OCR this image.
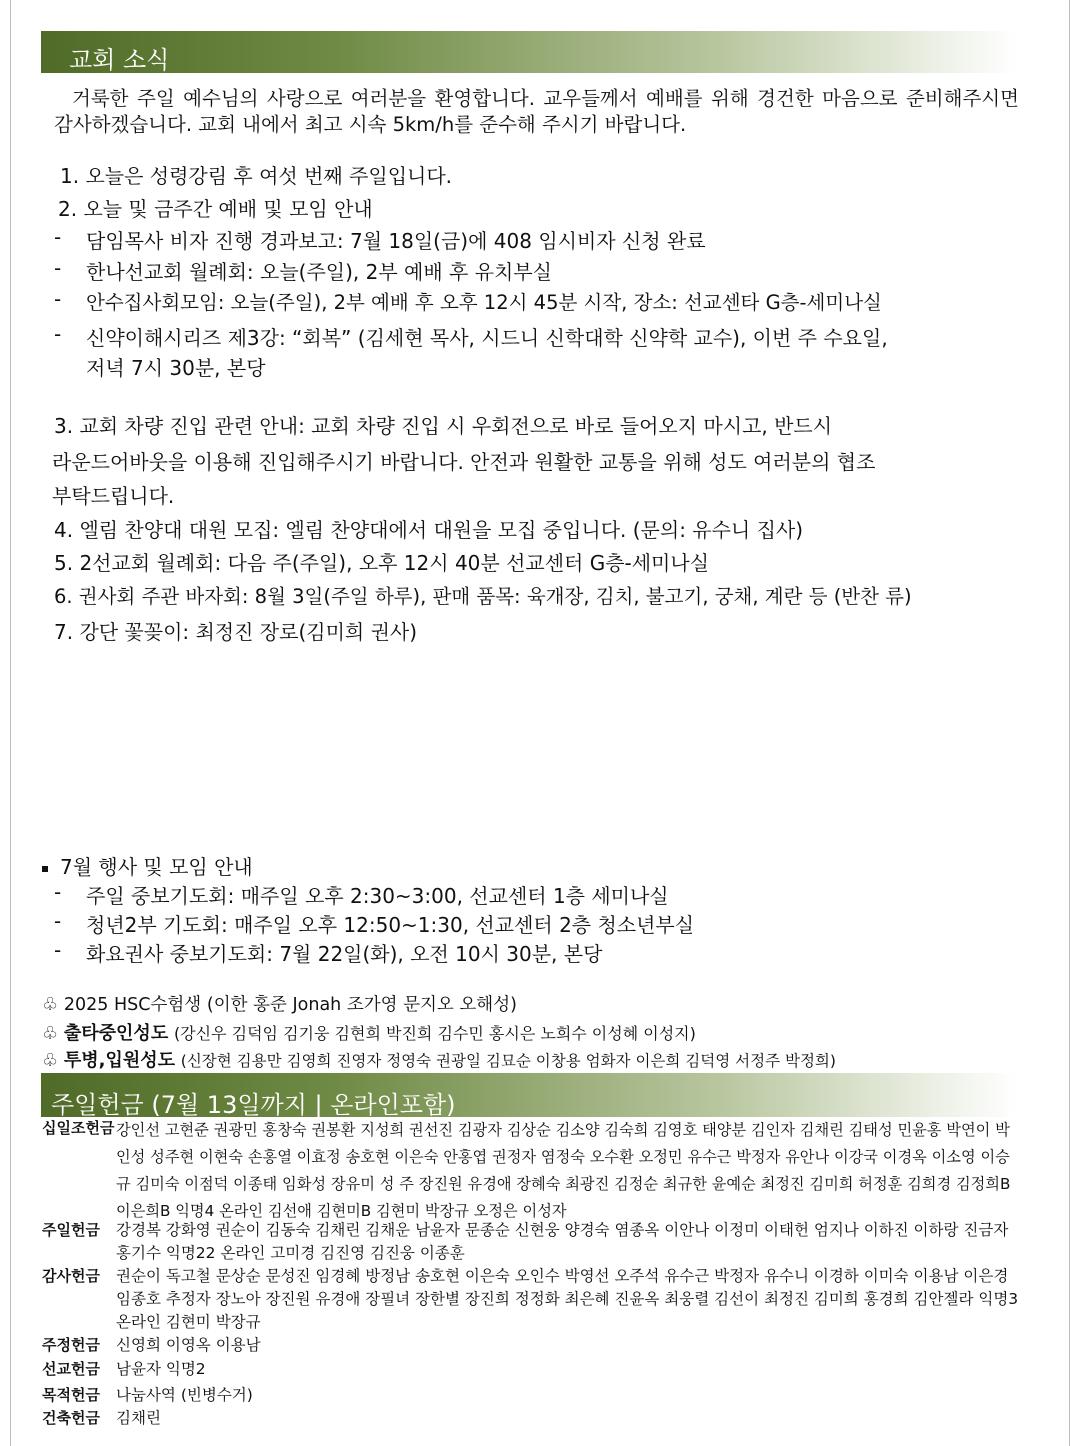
교회 소식
거룩한 주일 예수님의 사랑으로 여러분을 환영합니다. 교우들께서 예배를 위해 경건한 마음으로 준비해주시면 감사하겠습니다. 교회 내에서 최고 시속 5km/h를 준수해 주시기 바랍니다.
1. 오늘은 성령강림 후 여섯 번째 주일입니다.
2. 오늘 및 금주간 예배 및 모임 안내
- 담임목사 비자 진행 경과보고: 7월 18일(금)에 408 임시비자 신청 완료
- 한나선교회 월례회: 오늘(주일), 2부 예배 후 유치부실
- 안수집사회모임: 오늘(주일), 2부 예배 후 오후 12시 45분 시작, 장소: 선교센타 G층-세미나실
- 신약이해시리즈 제3강: “회복” (김세현 목사, 시드니 신학대학 신약학 교수), 이번 주 수요일,
저녁 7시 30분, 본당
3. 교회 차량 진입 관련 안내: 교회 차량 진입 시 우회전으로 바로 들어오지 마시고, 반드시
라운드어바웃을 이용해 진입해주시기 바랍니다. 안전과 원활한 교통을 위해 성도 여러분의 협조
부탁드립니다.
4. 엘림 찬양대 대원 모집: 엘림 찬양대에서 대원을 모집 중입니다. (문의: 유수니 집사)
5. 2선교회 월례회: 다음 주(주일), 오후 12시 40분 선교센터 G층-세미나실
6. 권사회 주관 바자회: 8월 3일(주일 하루), 판매 품목: 육개장, 김치, 불고기, 궁채, 계란 등 (반찬 류)
7. 강단 꽃꽂이: 최정진 장로(김미희 권사)
7월 행사 및 모임 안내
- 주일 중보기도회: 매주일 오후 2:30~3:00, 선교센터 1층 세미나실
- 청년2부 기도회: 매주일 오후 12:50~1:30, 선교센터 2층 청소년부실
- 화요권사 중보기도회: 7월 22일(화), 오전 10시 30분, 본당
♧ 2025 HSC수험생 (이한 홍준 Jonah 조가영 문지오 오해성)
♧ 출타중인성도 (강신우 김덕임 김기웅 김현희 박진희 김수민 홍시은 노희수 이성혜 이성지)
♧ 투병,입원성도 (신장현 김용만 김영희 진영자 정영숙 권광일 김묘순 이창용 엄화자 이은희 김덕영 서정주 박정희)
주일헌금 (7월 13일까지 | 온라인포함)
십일조헌금 강인선 고현준 권광민 홍창숙 권봉환 지성희 권선진 김광자 김상순 김소양 김숙희 김영호 태양분 김인자 김채린 김태성 민윤홍 박연이 박인성 성주현 이현숙 손홍열 이효정 송호현 이은숙 안홍엽 권정자 염정숙 오수환 오정민 유수근 박정자 유안나 이강국 이경옥 이소영 이승규 김미숙 이점덕 이종태 임화성 장유미 성 주 장진원 유경애 장혜숙 최광진 김정순 최규한 윤예순 최정진 김미희 허정훈 김희경 김정희B 이은희B 익명4 온라인 김선애 김현미B 김현미 박장규 오정은 이성자
주일헌금 강경복 강화영 권순이 김동숙 김채린 김채운 남윤자 문종순 신현웅 양경숙 염종옥 이안나 이정미 이태헌 엄지나 이하진 이하랑 진금자 홍기수 익명22 온라인 고미경 김진영 김진웅 이종훈
감사헌금 권순이 독고철 문상순 문성진 임경혜 방정남 송호현 이은숙 오인수 박영선 오주석 유수근 박정자 유수니 이경하 이미숙 이용남 이은경 임종호 추정자 장노아 장진원 유경애 장필녀 장한별 장진희 정정화 최은혜 진윤옥 최웅렬 김선이 최정진 김미희 홍경희 김안젤라 익명3 온라인 김현미 박장규
주정헌금 신영희 이영옥 이용남
선교헌금 남윤자 익명2
목적헌금 나눔사역 (빈병수거)
건축헌금 김채린
